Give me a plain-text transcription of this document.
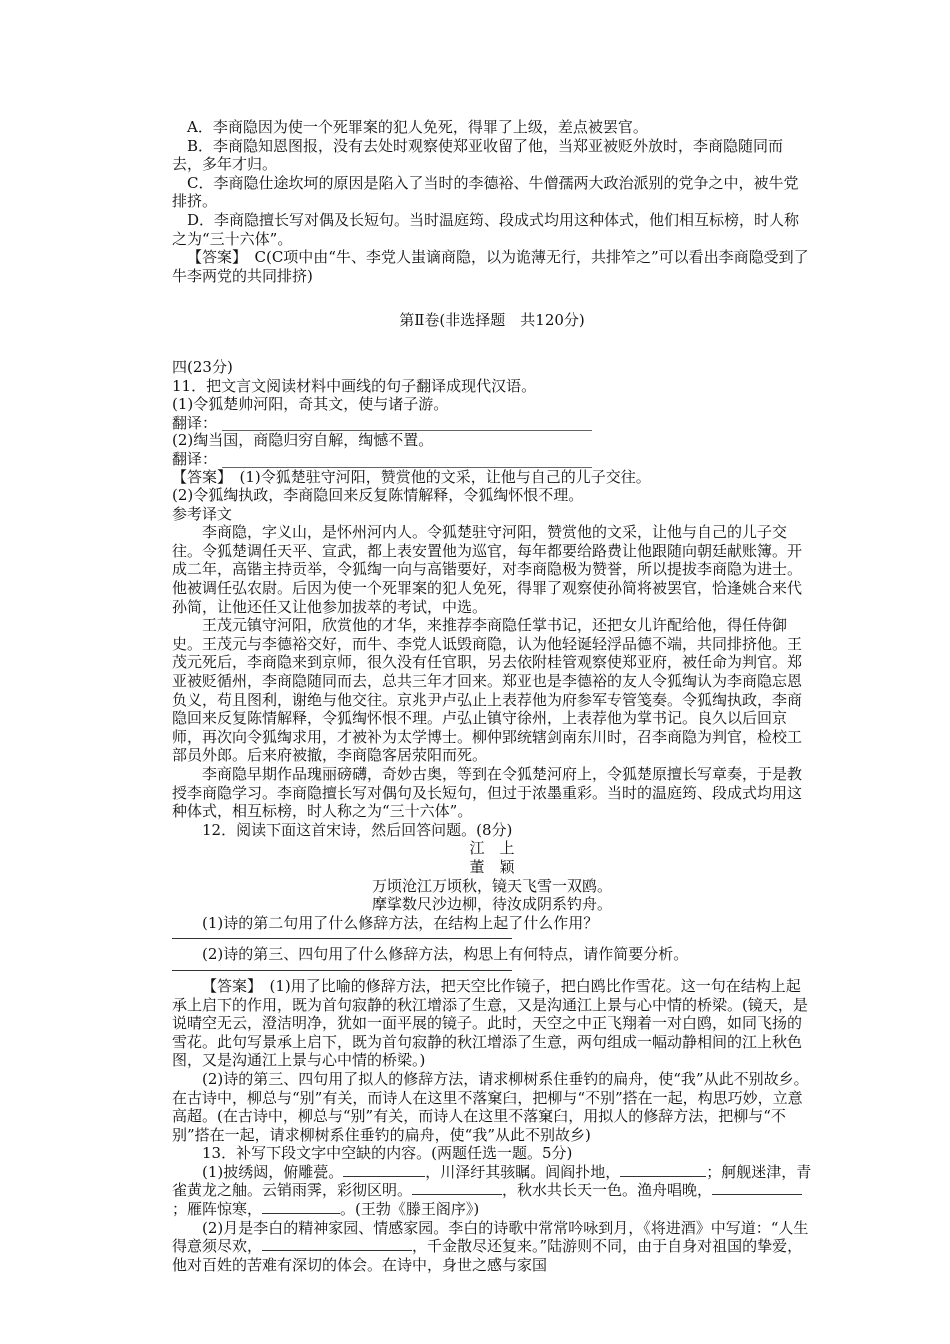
A．李商隐因为使一个死罪案的犯人免死，得罪了上级，差点被罢官。

B．李商隐知恩图报，没有去处时观察使郑亚收留了他，当郑亚被贬外放时，李商隐随同而去，多年才归。

C．李商隐仕途坎坷的原因是陷入了当时的李德裕、牛僧孺两大政治派别的党争之中，被牛党排挤。

D．李商隐擅长写对偶及长短句。当时温庭筠、段成式均用这种体式，他们相互标榜，时人称之为“三十六体”。

【答案】　C(C项中由“牛、李党人蚩谪商隐，以为诡薄无行，共排笮之”可以看出李商隐受到了牛李两党的共同排挤)

第Ⅱ卷(非选择题　共120分)

四(23分)

11．把文言文阅读材料中画线的句子翻译成现代汉语。

(1)令狐楚帅河阳，奇其文，使与诸子游。

翻译：

(2)绹当国，商隐归穷自解，绹憾不置。

翻译：

【答案】　(1)令狐楚驻守河阳，赞赏他的文采，让他与自己的儿子交往。

(2)令狐绹执政，李商隐回来反复陈情解释，令狐绹怀恨不理。

参考译文

李商隐，字义山，是怀州河内人。令狐楚驻守河阳，赞赏他的文采，让他与自己的儿子交往。令狐楚调任天平、宣武，都上表安置他为巡官，每年都要给路费让他跟随向朝廷献账簿。开成二年，高锴主持贡举，令狐绹一向与高锴要好，对李商隐极为赞誉，所以提拔李商隐为进士。他被调任弘农尉。后因为使一个死罪案的犯人免死，得罪了观察使孙简将被罢官，恰逢姚合来代孙简，让他还任又让他参加拔萃的考试，中选。

王茂元镇守河阳，欣赏他的才华，来推荐李商隐任掌书记，还把女儿许配给他，得任侍御史。王茂元与李德裕交好，而牛、李党人诋毁商隐，认为他轻诞轻浮品德不端，共同排挤他。王茂元死后，李商隐来到京师，很久没有任官职，另去依附桂管观察使郑亚府，被任命为判官。郑亚被贬循州，李商隐随同而去，总共三年才回来。郑亚也是李德裕的友人令狐绹认为李商隐忘恩负义，苟且图利，谢绝与他交往。京兆尹卢弘止上表荐他为府参军专管笺奏。令狐绹执政，李商隐回来反复陈情解释，令狐绹怀恨不理。卢弘止镇守徐州，上表荐他为掌书记。良久以后回京师，再次向令狐绹求用，才被补为太学博士。柳仲郢统辖剑南东川时，召李商隐为判官，检校工部员外郎。后来府被撤，李商隐客居荥阳而死。

李商隐早期作品瑰丽磅礴，奇妙古奥，等到在令狐楚河府上，令狐楚原擅长写章奏，于是教授李商隐学习。李商隐擅长写对偶句及长短句，但过于浓墨重彩。当时的温庭筠、段成式均用这种体式，相互标榜，时人称之为“三十六体”。

12．阅读下面这首宋诗，然后回答问题。(8分)

江　上

董　颖

万顷沧江万顷秋，镜天飞雪一双鸥。

摩挲数尺沙边柳，待汝成阴系钓舟。

(1)诗的第二句用了什么修辞方法，在结构上起了什么作用？

(2)诗的第三、四句用了什么修辞方法，构思上有何特点，请作简要分析。

【答案】　(1)用了比喻的修辞方法，把天空比作镜子，把白鸥比作雪花。这一句在结构上起承上启下的作用，既为首句寂静的秋江增添了生意，又是沟通江上景与心中情的桥梁。(镜天，是说晴空无云，澄洁明净，犹如一面平展的镜子。此时，天空之中正飞翔着一对白鸥，如同飞扬的雪花。此句写景承上启下，既为首句寂静的秋江增添了生意，两句组成一幅动静相间的江上秋色图，又是沟通江上景与心中情的桥梁。)

(2)诗的第三、四句用了拟人的修辞方法，请求柳树系住垂钓的扁舟，使“我”从此不别故乡。在古诗中，柳总与“别”有关，而诗人在这里不落窠臼，把柳与“不别”搭在一起，构思巧妙，立意高超。(在古诗中，柳总与“别”有关，而诗人在这里不落窠臼，用拟人的修辞方法，把柳与“不别”搭在一起，请求柳树系住垂钓的扁舟，使“我”从此不别故乡)

13．补写下段文字中空缺的内容。(两题任选一题。5分)

(1)披绣闼，俯雕甍。	，川泽纡其骇瞩。闾阎扑地，	；舸舰迷津，青雀黄龙之舳。云销雨霁，彩彻区明。	，秋水共长天一色。渔舟唱晚，；雁阵惊寒，	。(王勃《滕王阁序》)

(2)月是李白的精神家园、情感家园。李白的诗歌中常常吟咏到月，《将进酒》中写道：“人生得意须尽欢，	，千金散尽还复来。”陆游则不同，由于自身对祖国的挚爱，他对百姓的苦难有深切的体会。在诗中，身世之感与家国
